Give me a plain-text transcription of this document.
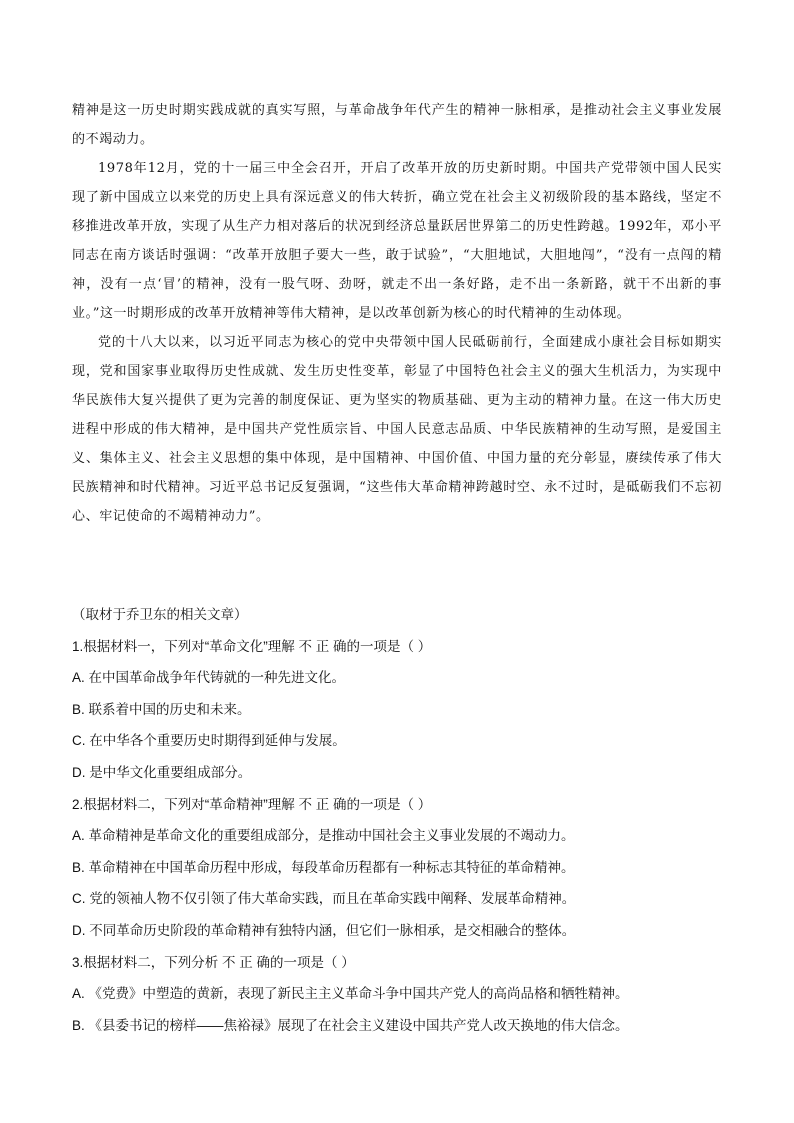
精神是这一历史时期实践成就的真实写照，与革命战争年代产生的精神一脉相承，是推动社会主义事业发展的不竭动力。

1978年12月，党的十一届三中全会召开，开启了改革开放的历史新时期。中国共产党带领中国人民实现了新中国成立以来党的历史上具有深远意义的伟大转折，确立党在社会主义初级阶段的基本路线，坚定不移推进改革开放，实现了从生产力相对落后的状况到经济总量跃居世界第二的历史性跨越。1992年，邓小平同志在南方谈话时强调：“改革开放胆子要大一些，敢于试验”，“大胆地试，大胆地闯”，“没有一点闯的精神，没有一点‘冒’的精神，没有一股气呀、劲呀，就走不出一条好路，走不出一条新路，就干不出新的事业。”这一时期形成的改革开放精神等伟大精神，是以改革创新为核心的时代精神的生动体现。

党的十八大以来，以习近平同志为核心的党中央带领中国人民砥砺前行，全面建成小康社会目标如期实现，党和国家事业取得历史性成就、发生历史性变革，彰显了中国特色社会主义的强大生机活力，为实现中华民族伟大复兴提供了更为完善的制度保证、更为坚实的物质基础、更为主动的精神力量。在这一伟大历史进程中形成的伟大精神，是中国共产党性质宗旨、中国人民意志品质、中华民族精神的生动写照，是爱国主义、集体主义、社会主义思想的集中体现，是中国精神、中国价值、中国力量的充分彰显，赓续传承了伟大民族精神和时代精神。习近平总书记反复强调，“这些伟大革命精神跨越时空、永不过时，是砥砺我们不忘初心、牢记使命的不竭精神动力”。

（取材于乔卫东的相关文章）
1.根据材料一，下列对“革命文化”理解 不 正 确的一项是（ ）
A. 在中国革命战争年代铸就的一种先进文化。
B. 联系着中国的历史和未来。
C. 在中华各个重要历史时期得到延伸与发展。
D. 是中华文化重要组成部分。
2.根据材料二，下列对“革命精神”理解 不 正 确的一项是（ ）
A. 革命精神是革命文化的重要组成部分，是推动中国社会主义事业发展的不竭动力。
B. 革命精神在中国革命历程中形成，每段革命历程都有一种标志其特征的革命精神。
C. 党的领袖人物不仅引领了伟大革命实践，而且在革命实践中阐释、发展革命精神。
D. 不同革命历史阶段的革命精神有独特内涵，但它们一脉相承，是交相融合的整体。
3.根据材料二，下列分析 不 正 确的一项是（ ）
A. 《党费》中塑造的黄新，表现了新民主主义革命斗争中国共产党人的高尚品格和牺牲精神。
B. 《县委书记的榜样——焦裕禄》展现了在社会主义建设中国共产党人改天换地的伟大信念。
